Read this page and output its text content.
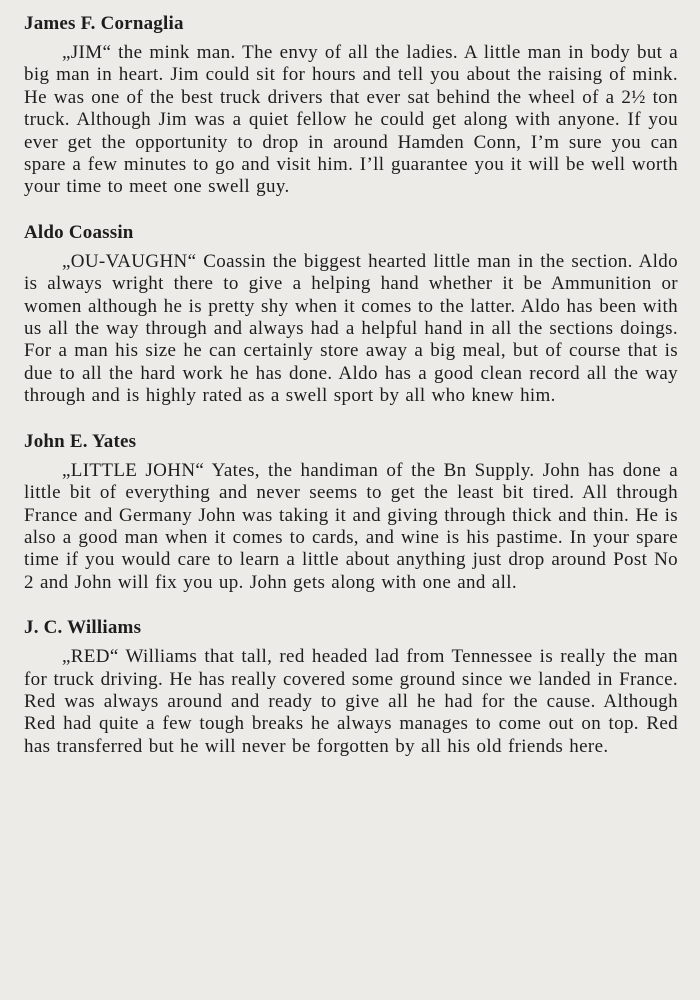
James F. Cornaglia

„JIM“ the mink man. The envy of all the ladies. A little man in body but a big man in heart. Jim could sit for hours and tell you about the raising of mink. He was one of the best truck drivers that ever sat behind the wheel of a 2½ ton truck. Although Jim was a quiet fellow he could get along with anyone. If you ever get the opportunity to drop in around Hamden Conn, I’m sure you can spare a few minutes to go and visit him. I’ll guarantee you it will be well worth your time to meet one swell guy.

Aldo Coassin

„OU-VAUGHN“ Coassin the biggest hearted little man in the section. Aldo is always wright there to give a helping hand whether it be Ammunition or women although he is pretty shy when it comes to the latter. Aldo has been with us all the way through and always had a helpful hand in all the sections doings. For a man his size he can certainly store away a big meal, but of course that is due to all the hard work he has done. Aldo has a good clean record all the way through and is highly rated as a swell sport by all who knew him.

John E. Yates

„LITTLE JOHN“ Yates, the handiman of the Bn Supply. John has done a little bit of everything and never seems to get the least bit tired. All through France and Germany John was taking it and giving through thick and thin. He is also a good man when it comes to cards, and wine is his pastime. In your spare time if you would care to learn a little about anything just drop around Post No 2 and John will fix you up. John gets along with one and all.

J. C. Williams

„RED“ Williams that tall, red headed lad from Tennessee is really the man for truck driving. He has really covered some ground since we landed in France. Red was always around and ready to give all he had for the cause. Although Red had quite a few tough breaks he always manages to come out on top. Red has transferred but he will never be forgotten by all his old friends here.
